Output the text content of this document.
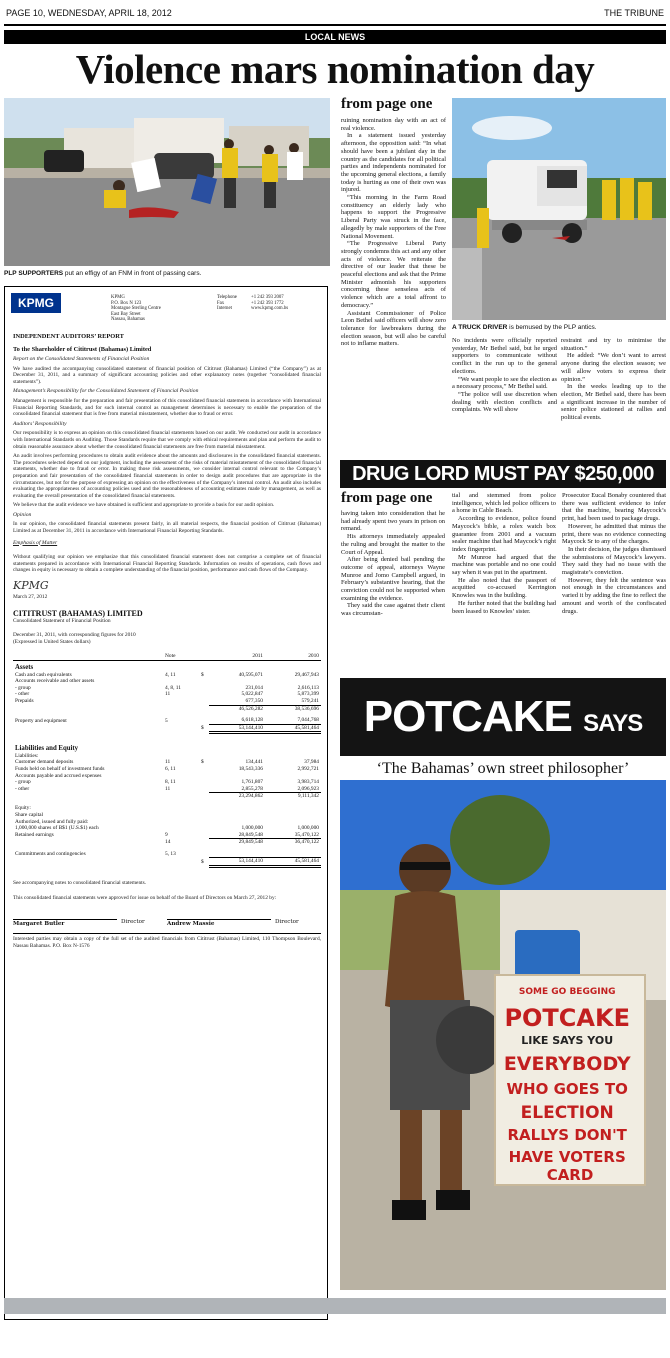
PAGE 10, WEDNESDAY, APRIL 18, 2012	THE TRIBUNE
LOCAL NEWS
Violence mars nomination day
PLP SUPPORTERS put an effigy of an FNM in front of passing cars.
from page one

ruining nomination day with an act of real violence.

In a statement issued yesterday afternoon, the opposition said: “In what should have been a jubilant day in the country as the candidates for all political parties and independents nominated for the upcoming general elections, a family today is hurting as one of their own was injured.

“This morning in the Farm Road constituency an elderly lady who happens to support the Progressive Liberal Party was struck in the face, allegedly by male supporters of the Free National Movement.

“The Progressive Liberal Party strongly condemns this act and any other acts of violence. We reiterate the directive of our leader that these be peaceful elections and ask that the Prime Minister admonish his supporters concerning these senseless acts of violence which are a total affront to democracy.”

Assistant Commissioner of Police Leon Bethel said officers will show zero tolerance for lawbreakers during the election season, but will also be careful not to inflame matters.

A TRUCK DRIVER is bemused by the PLP antics.

No incidents were officially reported yesterday, Mr Bethel said, but he urged supporters to communicate without conflict in the run up to the general elections.

“We want people to see the election as a necessary process,” Mr Bethel said.

“The police will use discretion when dealing with election conflicts and complaints. We will show

restraint and try to minimise the situation.”

He added: “We don’t want to arrest anyone during the election season; we will allow voters to express their opinion.”

In the weeks leading up to the election, Mr Bethel said, there has been a significant increase in the number of senior police stationed at rallies and political events.

DRUG LORD MUST PAY $250,000
from page one

having taken into consideration that he had already spent two years in prison on remand.

His attorneys immediately appealed the ruling and brought the matter to the Court of Appeal.

After being denied bail pending the outcome of appeal, attorneys Wayne Munroe and Jomo Campbell argued, in February’s substantive hearing, that the conviction could not be supported when examining the evidence.

They said the case against their client was circumstan-

tial and stemmed from police intelligence, which led police officers to a home in Cable Beach.

According to evidence, police found Maycock’s bible, a rolex watch box guarantee from 2001 and a vacuum sealer machine that had Maycock’s right index fingerprint.

Mr Munroe had argued that the machine was portable and no one could say when it was put in the apartment.

He also noted that the passport of acquitted co-accused Kerrington Knowles was in the building.

He further noted that the building had been leased to Knowles’ sister.

Prosecutor Eucal Bonaby countered that there was sufficient evidence to infer that the machine, bearing Maycock’s print, had been used to package drugs.

However, he admitted that minus the print, there was no evidence connecting Maycock Sr to any of the charges.

In their decision, the judges dismissed the submissions of Maycock’s lawyers. They said they had no issue with the magistrate’s conviction.

However, they felt the sentence was not enough in the circumstances and varied it by adding the fine to reflect the amount and worth of the confiscated drugs.

POTCAKE SAYS
‘The Bahamas’ own street philosopher’
SOME GO BEGGING POTCAKE LIKE SAYS YOU EVERYBODY WHO GOES TO ELECTION RALLYS DON'T HAVE VOTERS CARD
KPMG	KPMG
P.O. Box N 123
Montague Sterling Centre
East Bay Street
Nassau, Bahamas
Telephone	+1 242 393 2007
Fax	+1 242 393 1772
Internet	www.kpmg.com.bs
INDEPENDENT AUDITORS’ REPORT
To the Shareholder of Cititrust (Bahamas) Limited
Report on the Consolidated Statements of Financial Position
We have audited the accompanying consolidated statement of financial position of Cititrust (Bahamas) Limited (“the Company”) as at December 31, 2011, and a summary of significant accounting policies and other explanatory notes (together “consolidated financial statements”).
Management’s Responsibility for the Consolidated Statement of Financial Position
Management is responsible for the preparation and fair presentation of this consolidated financial statements in accordance with International Financial Reporting Standards, and for such internal control as management determines is necessary to enable the preparation of the consolidated financial statement that is free from material misstatement, whether due to fraud or error.
Auditors’ Responsibility
Our responsibility is to express an opinion on this consolidated financial statements based on our audit. We conducted our audit in accordance with International Standards on Auditing. Those Standards require that we comply with ethical requirements and plan and perform the audit to obtain reasonable assurance about whether the consolidated financial statements are free from material misstatement.
An audit involves performing procedures to obtain audit evidence about the amounts and disclosures in the consolidated financial statements. The procedures selected depend on our judgment, including the assessment of the risks of material misstatement of the consolidated financial statements, whether due to fraud or error. In making those risk assessments, we consider internal control relevant to the Company’s preparation and fair presentation of the consolidated financial statements in order to design audit procedures that are appropriate in the circumstances, but not for the purpose of expressing an opinion on the effectiveness of the Company’s internal control. An audit also includes evaluating the appropriateness of accounting policies used and the reasonableness of accounting estimates made by management, as well as evaluating the overall presentation of the consolidated financial statements.
We believe that the audit evidence we have obtained is sufficient and appropriate to provide a basis for our audit opinion.
Opinion
In our opinion, the consolidated financial statements present fairly, in all material respects, the financial position of Cititrust (Bahamas) Limited as at December 31, 2011 in accordance with International Financial Reporting Standards.
Emphasis of Matter
Without qualifying our opinion we emphasize that this consolidated financial statement does not comprise a complete set of financial statements prepared in accordance with International Financial Reporting Standards. Information on results of operations, cash flows and changes in equity is necessary to obtain a complete understanding of the financial position, performance and cash flows of the Company.
KPMG
March 27, 2012
CITITRUST (BAHAMAS) LIMITED
Consolidated Statement of Financial Position
December 31, 2011, with corresponding figures for 2010
(Expressed in United States dollars)
	Note		2011	2010
Assets				
Cash and cash equivalents	4, 11	$	40,595,071	29,467,943
Accounts receivable and other assets				
- group	4, 8, 11		231,014	2,616,113
- other	11		5,022,847	5,873,399
Prepaids			677,350	579,241
			46,526,282	38,536,696
Property and equipment	5		6,618,128	7,044,768
		$	53,144,410	45,581,464
Liabilities and Equity				
Liabilities:				
Customer demand deposits	11	$	134,441	37,984
Funds held on behalf of investment funds	6, 11		18,543,336	2,992,721
Accounts payable and accrued expenses				
- group	8, 11		1,761,807	3,983,714
- other	11		2,855,278	2,096,923
			23,294,862	9,111,342
Equity:				
Share capital				
Authorized, issued and fully paid:				
1,000,000 shares of B$1 (U.S.$1) each			1,000,000	1,000,000
Retained earnings	9		28,849,548	35,470,122
	14		29,849,548	36,470,122
Commitments and contingencies	5, 13			
		$	53,144,410	45,581,464
See accompanying notes to consolidated financial statements.
This consolidated financial statements were approved for issue on behalf of the Board of Directors on March 27, 2012 by:
Margaret Butler	Director	Andrew Massie	Director
Interested parties may obtain a copy of the full set of the audited financials from Cititrust (Bahamas) Limited, 110 Thompson Boulevard, Nassau Bahamas. P.O. Box N-1576
